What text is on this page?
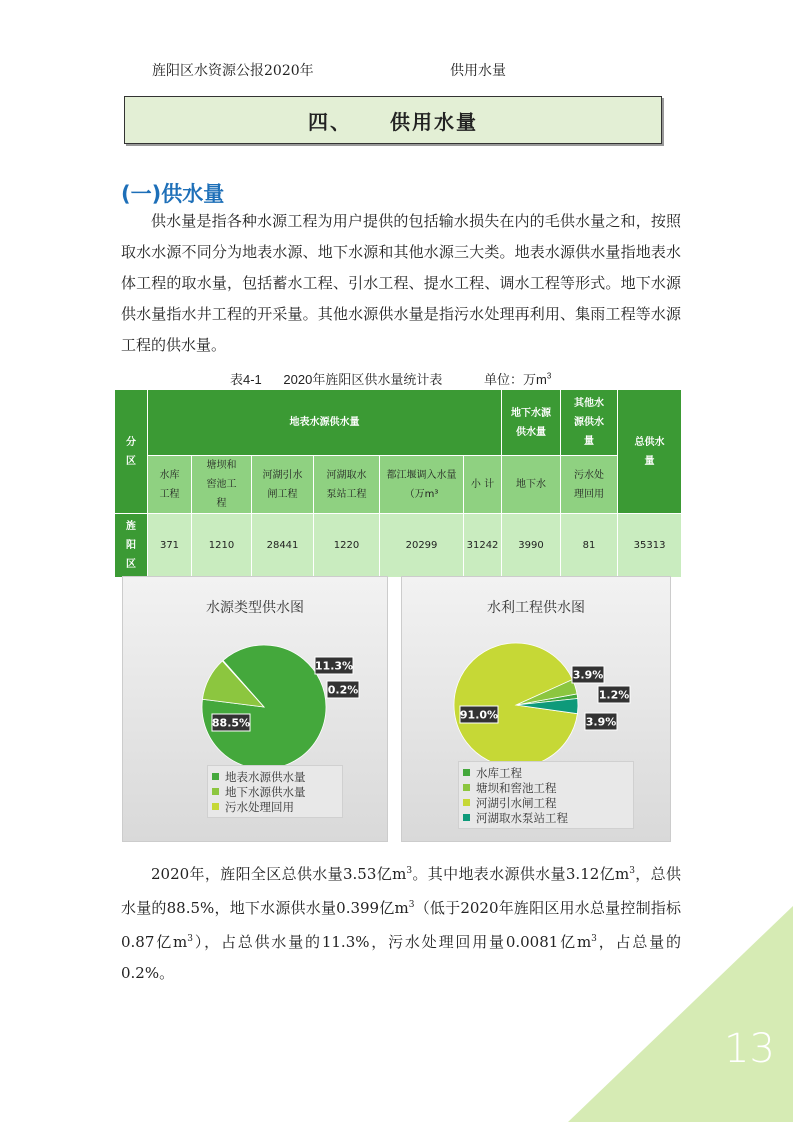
旌阳区水资源公报2020年	供用水量
四、 供用水量
(一)供水量

供水量是指各种水源工程为用户提供的包括输水损失在内的毛供水量之和，按照取水水源不同分为地表水源、地下水源和其他水源三大类。地表水源供水量指地表水体工程的取水量，包括蓄水工程、引水工程、提水工程、调水工程等形式。地下水源供水量指水井工程的开采量。其他水源供水量是指污水处理再利用、集雨工程等水源工程的供水量。

表4-1 2020年旌阳区供水量统计表	单位：万$m^3$
分区	地表水源供水量						地下水源供水量	其他水源供水量	总供水量

	水库工程	塘坝和窖池工程	河湖引水闸工程	河湖取水泵站工程	都江堰调入水量（万m³	小 计	地下水	污水处理回用	

旌阳区	371	1210	28441	1220	20299	31242	3990	81	35313
88.5%
11.3%
0.2%
水源类型供水图
地表水源供水量
地下水源供水量
污水处理回用
3.9%
1.2%
3.9%
91.0%
水利工程供水图
水库工程
塘坝和窖池工程
河湖引水闸工程
河湖取水泵站工程

2020年，旌阳全区总供水量3.53亿$m^3$。其中地表水源供水量3.12亿$m^3$，总供水量的88.5%，地下水源供水量0.399亿$m^3$（低于2020年旌阳区用水总量控制指标0.87亿$m^3$），占总供水量的11.3%，污水处理回用量0.0081亿$m^3$，占总量的0.2%。

13
